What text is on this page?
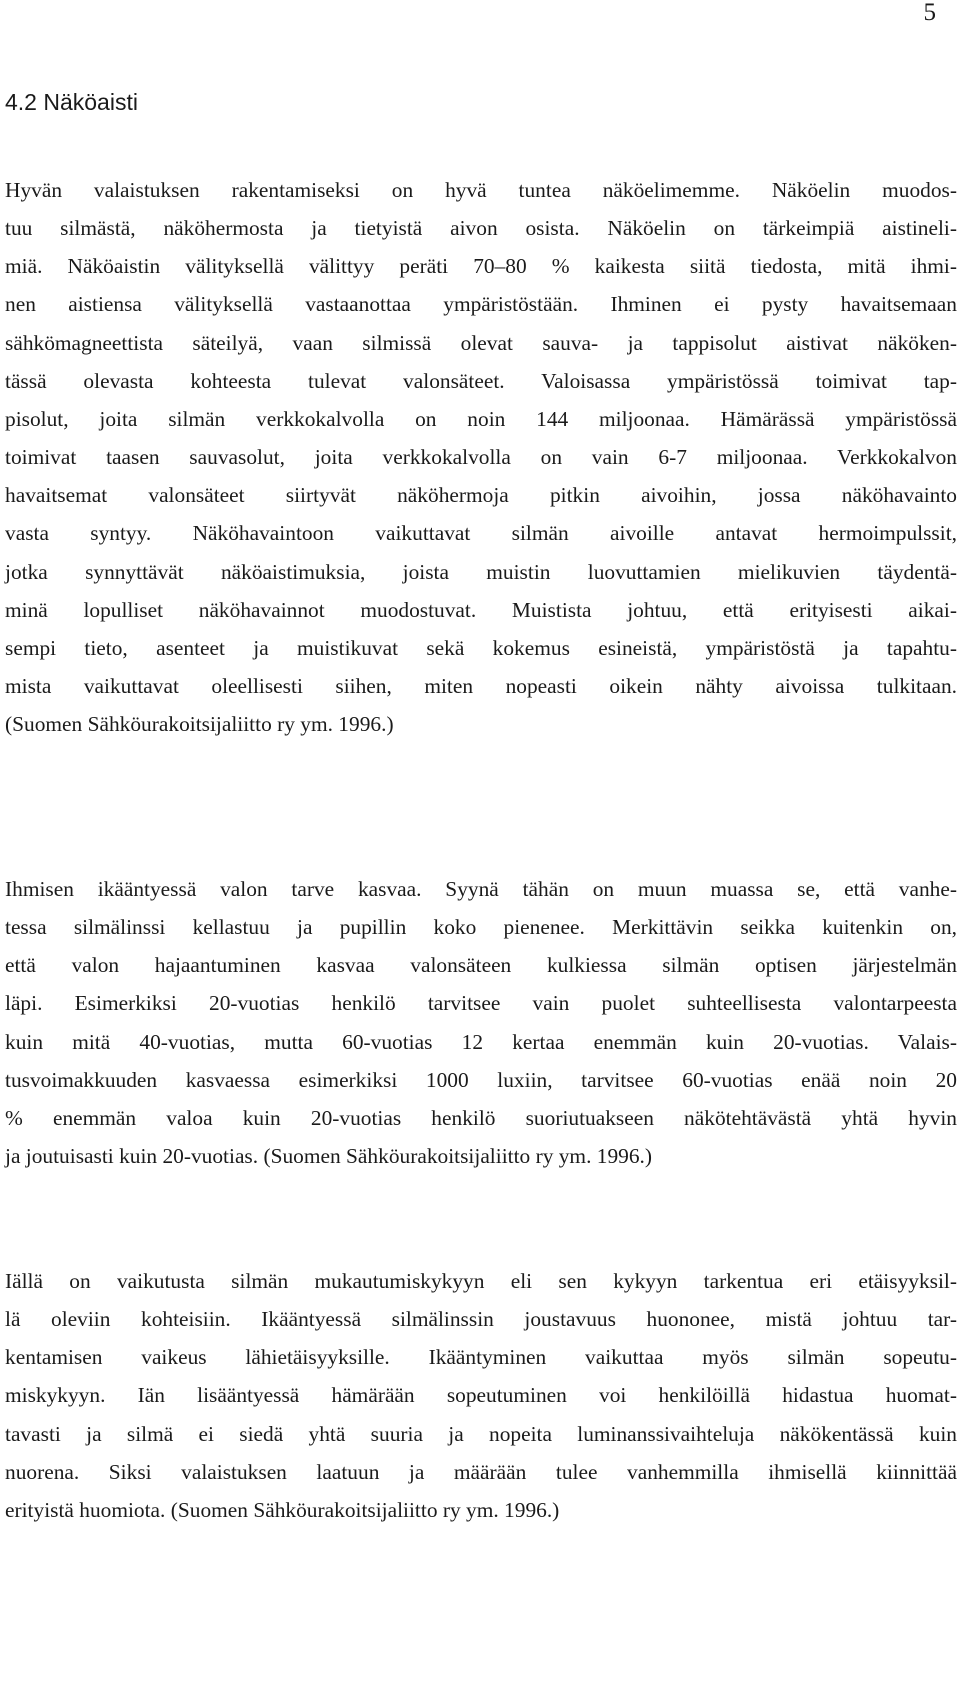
5
4.2 Näköaisti

Hyvän valaistuksen rakentamiseksi on hyvä tuntea näköelimemme. Näköelin muodos-
tuu silmästä, näköhermosta ja tietyistä aivon osista. Näköelin on tärkeimpiä aistineli-
miä. Näköaistin välityksellä välittyy peräti 70–80 % kaikesta siitä tiedosta, mitä ihmi-
nen aistiensa välityksellä vastaanottaa ympäristöstään. Ihminen ei pysty havaitsemaan
sähkömagneettista säteilyä, vaan silmissä olevat sauva- ja tappisolut aistivat näköken-
tässä olevasta kohteesta tulevat valonsäteet. Valoisassa ympäristössä toimivat tap-
pisolut, joita silmän verkkokalvolla on noin 144 miljoonaa. Hämärässä ympäristössä
toimivat taasen sauvasolut, joita verkkokalvolla on vain 6-7 miljoonaa. Verkkokalvon
havaitsemat valonsäteet siirtyvät näköhermoja pitkin aivoihin, jossa näköhavainto
vasta syntyy. Näköhavaintoon vaikuttavat silmän aivoille antavat hermoimpulssit,
jotka synnyttävät näköaistimuksia, joista muistin luovuttamien mielikuvien täydentä-
minä lopulliset näköhavainnot muodostuvat. Muistista johtuu, että erityisesti aikai-
sempi tieto, asenteet ja muistikuvat sekä kokemus esineistä, ympäristöstä ja tapahtu-
mista vaikuttavat oleellisesti siihen, miten nopeasti oikein nähty aivoissa tulkitaan.
(Suomen Sähköurakoitsijaliitto ry ym. 1996.)

Ihmisen ikääntyessä valon tarve kasvaa. Syynä tähän on muun muassa se, että vanhe-
tessa silmälinssi kellastuu ja pupillin koko pienenee. Merkittävin seikka kuitenkin on,
että valon hajaantuminen kasvaa valonsäteen kulkiessa silmän optisen järjestelmän
läpi. Esimerkiksi 20-vuotias henkilö tarvitsee vain puolet suhteellisesta valontarpeesta
kuin mitä 40-vuotias, mutta 60-vuotias 12 kertaa enemmän kuin 20-vuotias. Valais-
tusvoimakkuuden kasvaessa esimerkiksi 1000 luxiin, tarvitsee 60-vuotias enää noin 20
% enemmän valoa kuin 20-vuotias henkilö suoriutuakseen näkötehtävästä yhtä hyvin
ja joutuisasti kuin 20-vuotias. (Suomen Sähköurakoitsijaliitto ry ym. 1996.)

Iällä on vaikutusta silmän mukautumiskykyyn eli sen kykyyn tarkentua eri etäisyyksil-
lä oleviin kohteisiin. Ikääntyessä silmälinssin joustavuus huononee, mistä johtuu tar-
kentamisen vaikeus lähietäisyyksille. Ikääntyminen vaikuttaa myös silmän sopeutu-
miskykyyn. Iän lisääntyessä hämärään sopeutuminen voi henkilöillä hidastua huomat-
tavasti ja silmä ei siedä yhtä suuria ja nopeita luminanssivaihteluja näkökentässä kuin
nuorena. Siksi valaistuksen laatuun ja määrään tulee vanhemmilla ihmisellä kiinnittää
erityistä huomiota. (Suomen Sähköurakoitsijaliitto ry ym. 1996.)
